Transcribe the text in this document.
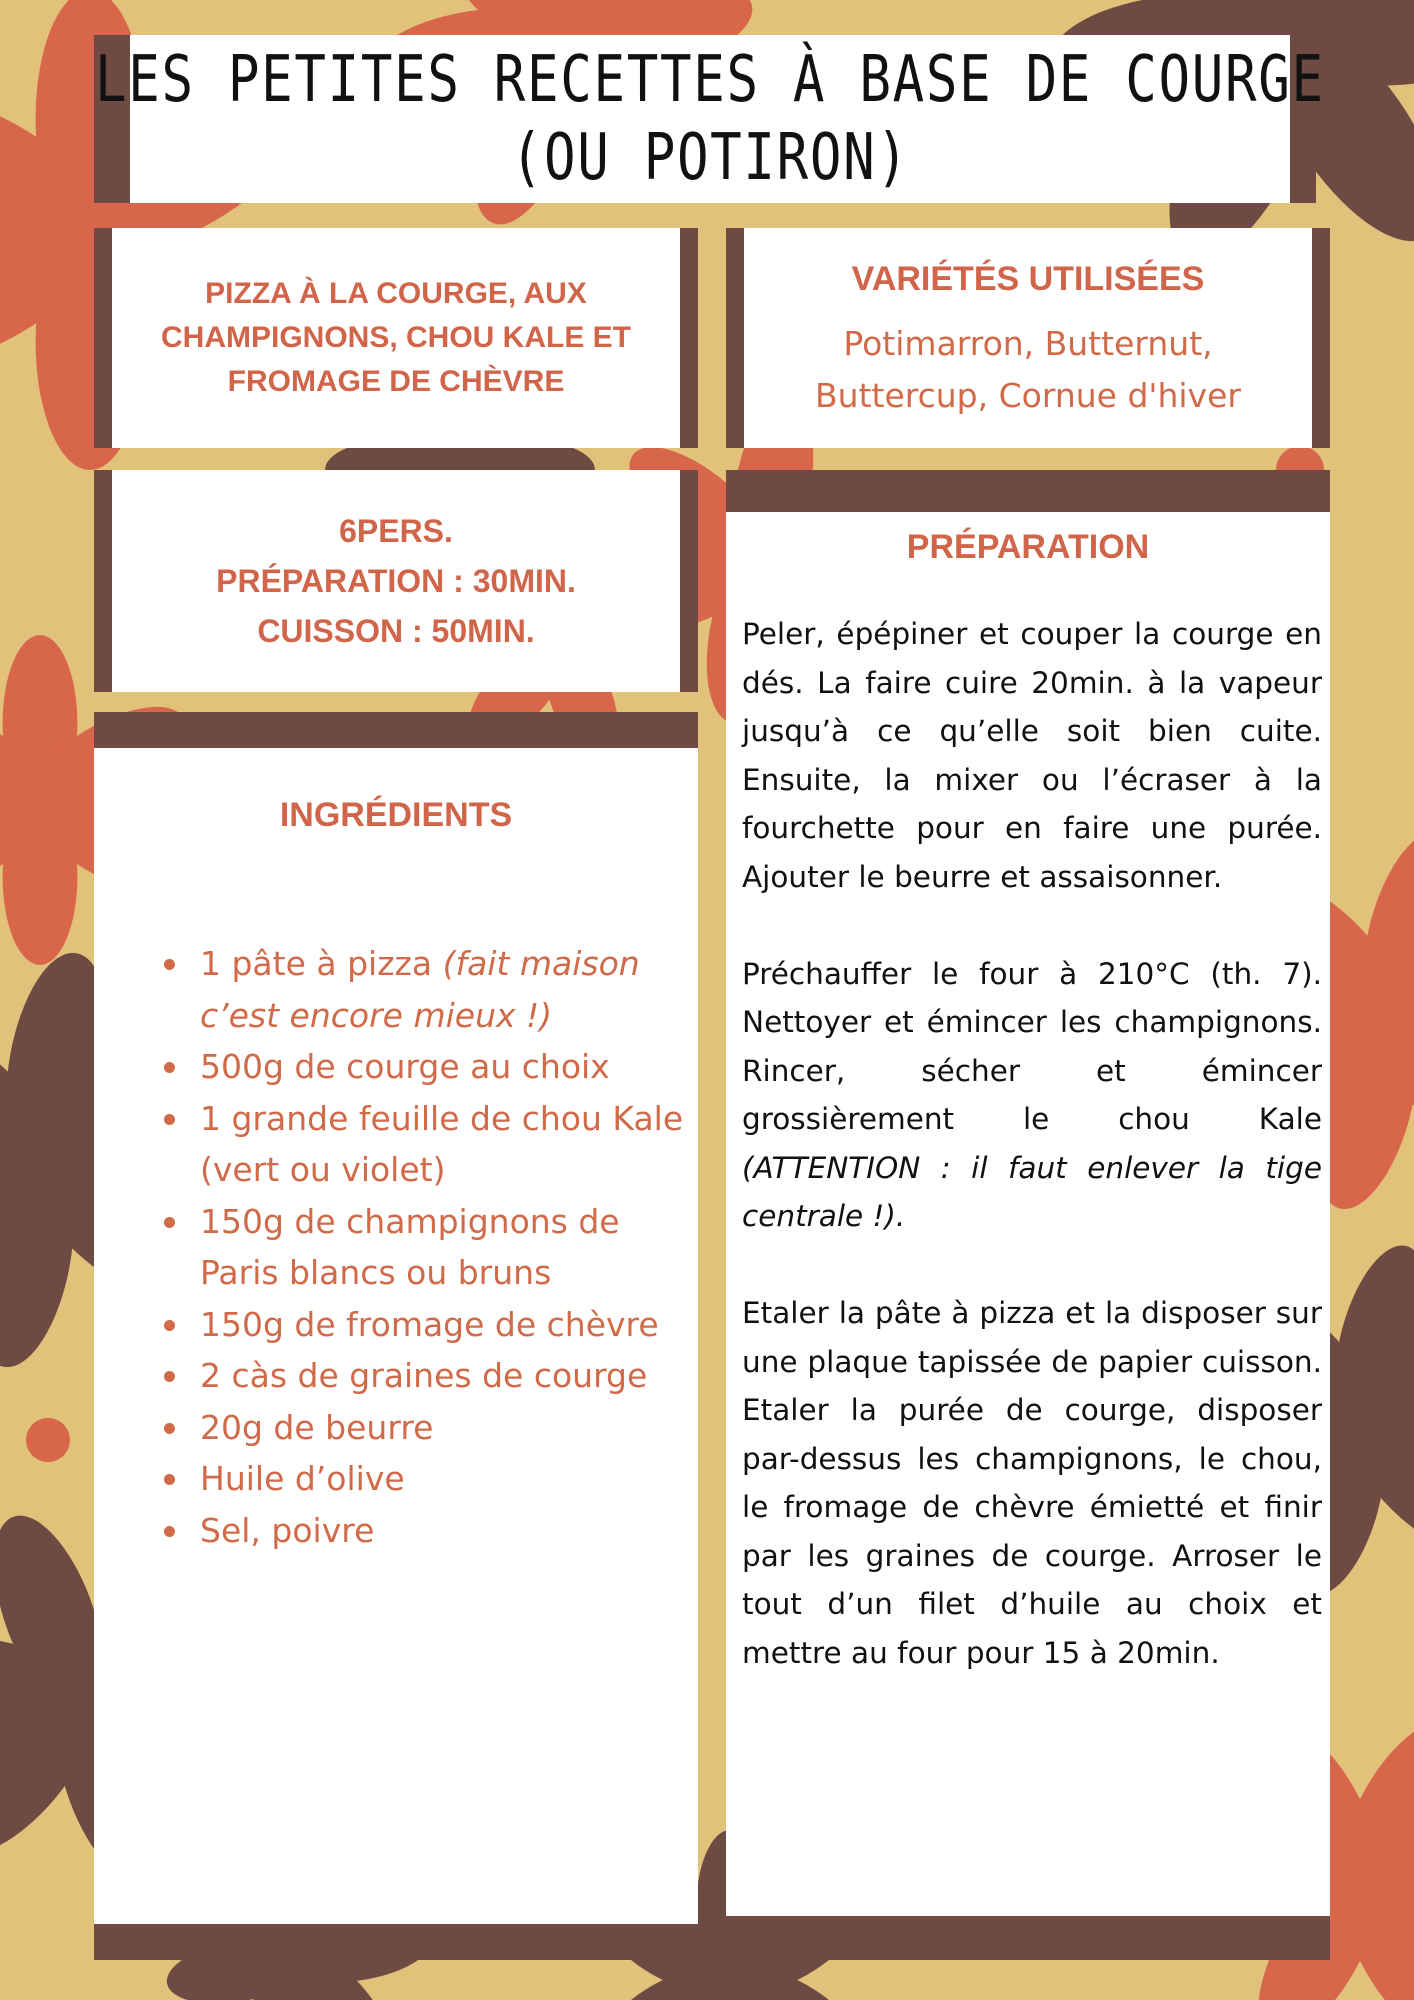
LES PETITES RECETTES À BASE DE COURGE
(OU POTIRON)
PIZZA À LA COURGE, AUX
CHAMPIGNONS, CHOU KALE ET
FROMAGE DE CHÈVRE
VARIÉTÉS UTILISÉES
Potimarron, Butternut,
Buttercup, Cornue d'hiver
6PERS.
PRÉPARATION : 30MIN.
CUISSON : 50MIN.
INGRÉDIENTS
1 pâte à pizza (fait maison c’est encore mieux !)
500g de courge au choix
1 grande feuille de chou Kale (vert ou violet)
150g de champignons de Paris blancs ou bruns
150g de fromage de chèvre
2 càs de graines de courge
20g de beurre
Huile d’olive
Sel, poivre
PRÉPARATION

Peler, épépiner et couper la courge en dés. La faire cuire 20min. à la vapeur jusqu’à ce qu’elle soit bien cuite. Ensuite, la mixer ou l’écraser à la fourchette pour en faire une purée. Ajouter le beurre et assaisonner.

Préchauffer le four à 210°C (th. 7). Nettoyer et émincer les champignons. Rincer, sécher et émincer grossièrement le chou Kale (ATTENTION : il faut enlever la tige centrale !).

Etaler la pâte à pizza et la disposer sur une plaque tapissée de papier cuisson. Etaler la purée de courge, disposer par-dessus les champignons, le chou, le fromage de chèvre émietté et finir par les graines de courge. Arroser le tout d’un filet d’huile au choix et mettre au four pour 15 à 20min.
